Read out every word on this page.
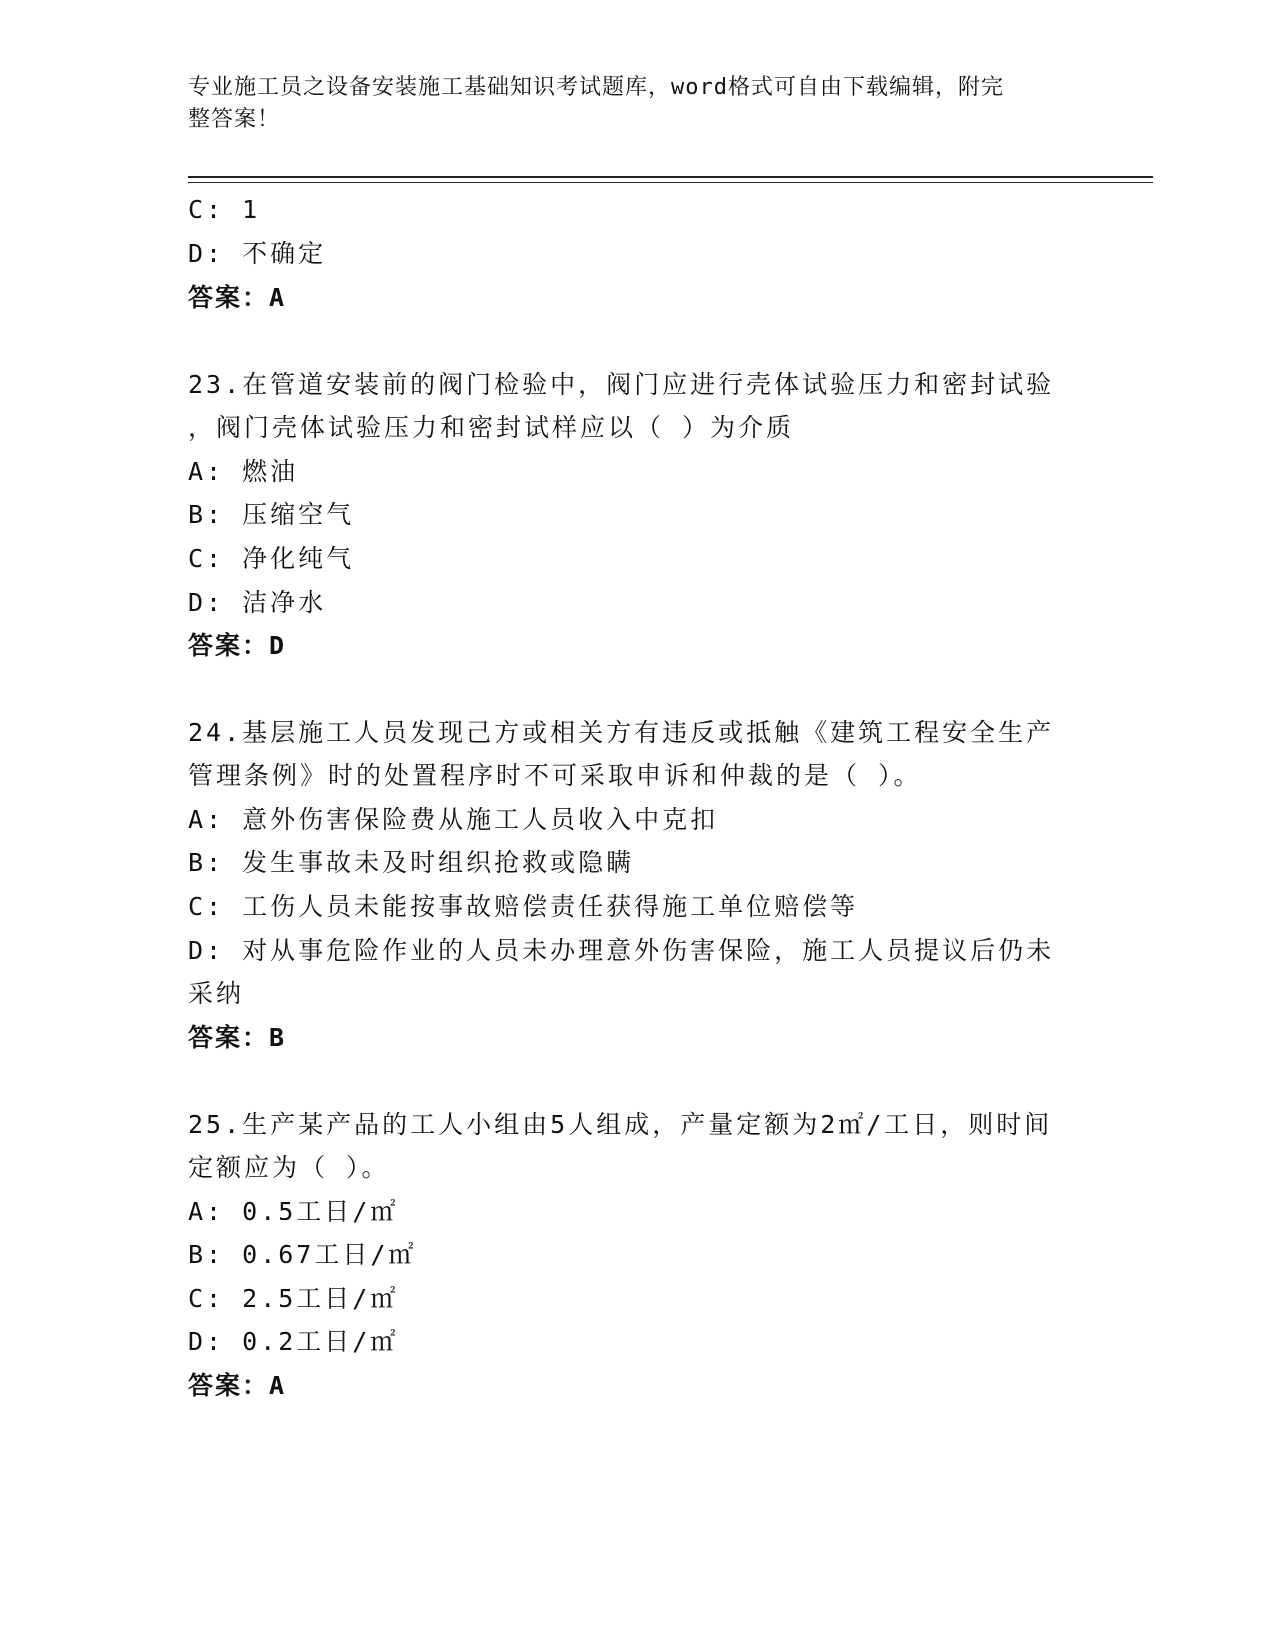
专业施工员之设备安装施工基础知识考试题库，word格式可自由下载编辑，附完
整答案！
C: 1
D: 不确定
答案：A
23.在管道安装前的阀门检验中，阀门应进行壳体试验压力和密封试验
，阀门壳体试验压力和密封试样应以（ ）为介质
A: 燃油
B: 压缩空气
C: 净化纯气
D: 洁净水
答案：D
24.基层施工人员发现己方或相关方有违反或抵触《建筑工程安全生产
管理条例》时的处置程序时不可采取申诉和仲裁的是（ ）。
A: 意外伤害保险费从施工人员收入中克扣
B: 发生事故未及时组织抢救或隐瞒
C: 工伤人员未能按事故赔偿责任获得施工单位赔偿等
D: 对从事危险作业的人员未办理意外伤害保险，施工人员提议后仍未
采纳
答案：B
25.生产某产品的工人小组由5人组成，产量定额为2㎡/工日，则时间
定额应为（ ）。
A: 0.5工日/㎡
B: 0.67工日/㎡
C: 2.5工日/㎡
D: 0.2工日/㎡
答案：A
